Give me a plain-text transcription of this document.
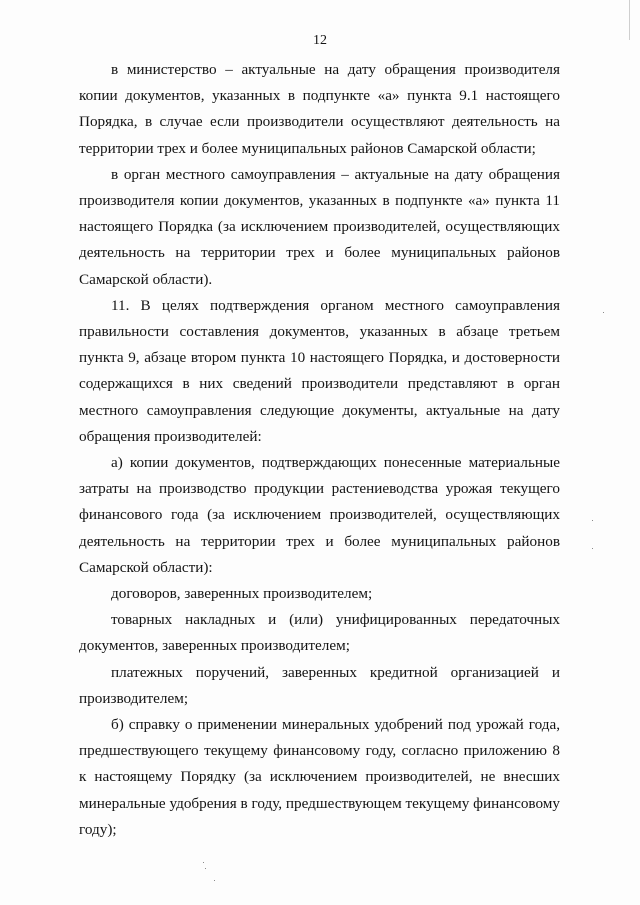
12

в министерство – актуальные на дату обращения производителя копии документов, указанных в подпункте «а» пункта 9.1 настоящего Порядка, в случае если производители осуществляют деятельность на территории трех и более муниципальных районов Самарской области;

в орган местного самоуправления – актуальные на дату обращения производителя копии документов, указанных в подпункте «а» пункта 11 настоящего Порядка (за исключением производителей, осуществляющих деятельность на территории трех и более муниципальных районов Самарской области).

11. В целях подтверждения органом местного самоуправления правильности составления документов, указанных в абзаце третьем пункта 9, абзаце втором пункта 10 настоящего Порядка, и достоверности содержащихся в них сведений производители представляют в орган местного самоуправления следующие документы, актуальные на дату обращения производителей:

а) копии документов, подтверждающих понесенные материальные затраты на производство продукции растениеводства урожая текущего финансового года (за исключением производителей, осуществляющих деятельность на территории трех и более муниципальных районов Самарской области):

договоров, заверенных производителем;

товарных накладных и (или) унифицированных передаточных документов, заверенных производителем;

платежных поручений, заверенных кредитной организацией и производителем;

б) справку о применении минеральных удобрений под урожай года, предшествующего текущему финансовому году, согласно приложению 8 к настоящему Порядку (за исключением производителей, не внесших минеральные удобрения в году, предшествующем текущему финансовому году);
